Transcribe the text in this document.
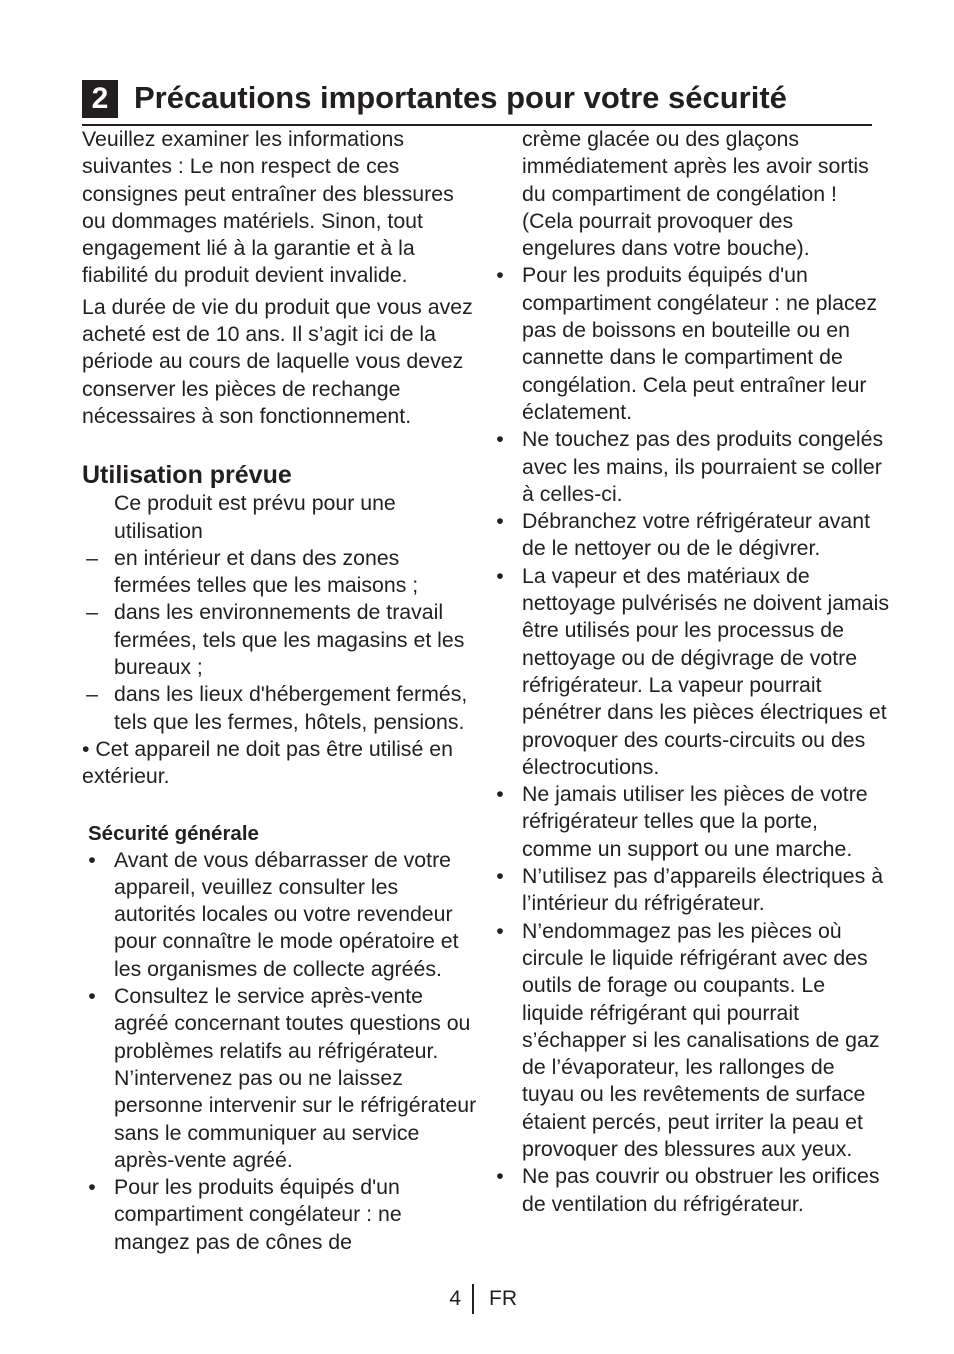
2 Précautions importantes pour votre sécurité

Veuillez examiner les informations suivantes : Le non respect de ces consignes peut entraîner des blessures ou dommages matériels. Sinon, tout engagement lié à la garantie et à la fiabilité du produit devient invalide.

La durée de vie du produit que vous avez acheté est de 10 ans. Il s’agit ici de la période au cours de laquelle vous devez conserver les pièces de rechange nécessaires à son fonctionnement.

Utilisation prévue

Ce produit est prévu pour une utilisation

– en intérieur et dans des zones fermées telles que les maisons ;
– dans les environnements de travail fermées, tels que les magasins et les bureaux ;
– dans les lieux d'hébergement fermés, tels que les fermes, hôtels, pensions.

• Cet appareil ne doit pas être utilisé en extérieur.

Sécurité générale
• Avant de vous débarrasser de votre appareil, veuillez consulter les autorités locales ou votre revendeur pour connaître le mode opératoire et les organismes de collecte agréés.
• Consultez le service après-vente agréé concernant toutes questions ou problèmes relatifs au réfrigérateur. N’intervenez pas ou ne laissez personne intervenir sur le réfrigérateur sans le communiquer au service après-vente agréé.
• Pour les produits équipés d'un compartiment congélateur : ne mangez pas de cônes de

crème glacée ou des glaçons immédiatement après les avoir sortis du compartiment de congélation ! (Cela pourrait provoquer des engelures dans votre bouche).

• Pour les produits équipés d'un compartiment congélateur : ne placez pas de boissons en bouteille ou en cannette dans le compartiment de congélation. Cela peut entraîner leur éclatement.
• Ne touchez pas des produits congelés avec les mains, ils pourraient se coller à celles-ci.
• Débranchez votre réfrigérateur avant de le nettoyer ou de le dégivrer.
• La vapeur et des matériaux de nettoyage pulvérisés ne doivent jamais être utilisés pour les processus de nettoyage ou de dégivrage de votre réfrigérateur. La vapeur pourrait pénétrer dans les pièces électriques et provoquer des courts-circuits ou des électrocutions.
• Ne jamais utiliser les pièces de votre réfrigérateur telles que la porte, comme un support ou une marche.
• N’utilisez pas d’appareils électriques à l’intérieur du réfrigérateur.
• N’endommagez pas les pièces où circule le liquide réfrigérant avec des outils de forage ou coupants. Le liquide réfrigérant qui pourrait s’échapper si les canalisations de gaz de l’évaporateur, les rallonges de tuyau ou les revêtements de surface étaient percés, peut irriter la peau et provoquer des blessures aux yeux.
• Ne pas couvrir ou obstruer les orifices de ventilation du réfrigérateur.
4 FR
